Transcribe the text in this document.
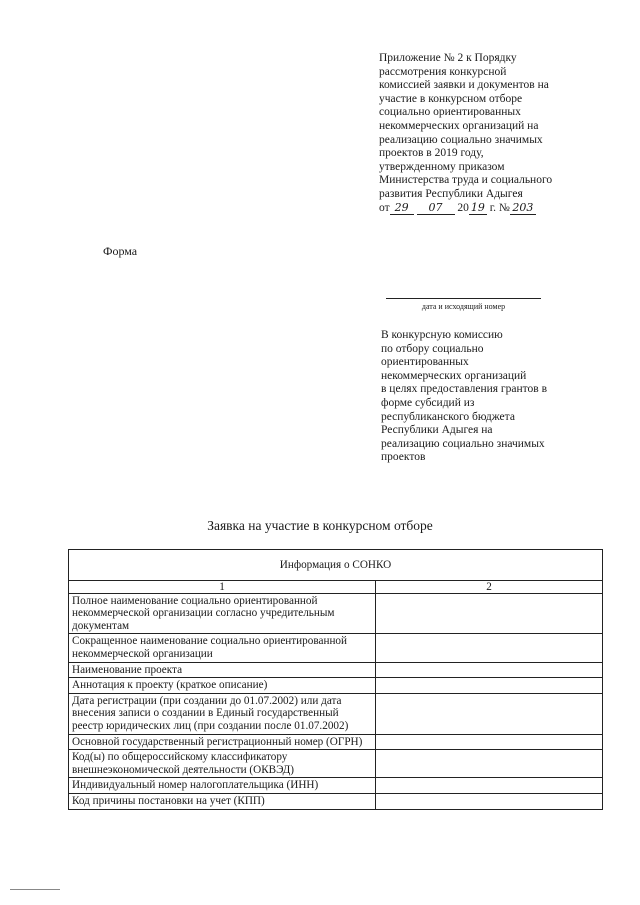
Приложение № 2 к Порядку
рассмотрения конкурсной
комиссией заявки и документов на
участие в конкурсном отборе
социально ориентированных
некоммерческих организаций на
реализацию социально значимых
проектов в 2019 году,
утвержденному приказом
Министерства труда и социального
развития Республики Адыгея
от 29 07 20 19 г. № 203
Форма
дата и исходящий номер
В конкурсную комиссию
по отбору социально
ориентированных
некоммерческих организаций
в целях предоставления грантов в
форме субсидий из
республиканского бюджета
Республики Адыгея на
реализацию социально значимых
проектов
Заявка на участие в конкурсном отборе
Информация о СОНКО	
1	2
Полное наименование социально ориентированной некоммерческой организации согласно учредительным документам	
Сокращенное наименование социально ориентированной некоммерческой организации	
Наименование проекта	
Аннотация к проекту (краткое описание)	
Дата регистрации (при создании до 01.07.2002) или дата внесения записи о создании в Единый государственный реестр юридических лиц (при создании после 01.07.2002)	
Основной государственный регистрационный номер (ОГРН)	
Код(ы) по общероссийскому классификатору внешнеэкономической деятельности (ОКВЭД)	
Индивидуальный номер налогоплательщика (ИНН)	
Код причины постановки на учет (КПП)	
